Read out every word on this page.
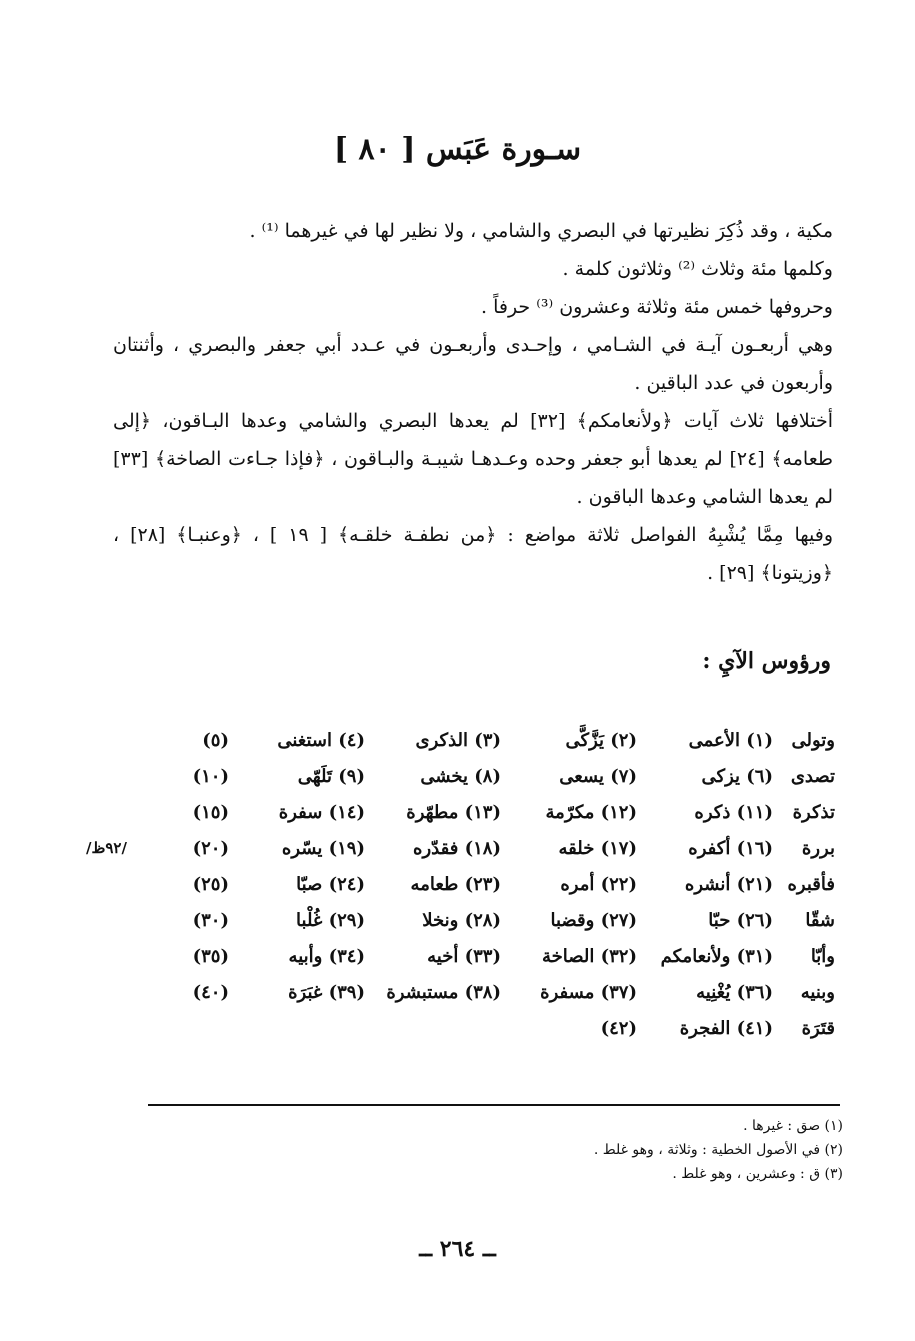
سـورة عَبَس [ ٨٠ ]

مكية ، وقد ذُكِرَ نظيرتها في البصري والشامي ، ولا نظير لها في غيرهما ⁽¹⁾ .

وكلمها مئة وثلاث ⁽²⁾ وثلاثون كلمة .

وحروفها خمس مئة وثلاثة وعشرون ⁽³⁾ حرفاً .

وهي أربعـون آيـة في الشـامي ، وإحـدى وأربعـون في عـدد أبي جعفر والبصري ، وأثنتان وأربعون في عدد الباقين .

أختلافها ثلاث آيات ﴿ولأنعامكم﴾ [٣٢] لم يعدها البصري والشامي وعدها البـاقون، ﴿إلى طعامه﴾ [٢٤] لم يعدها أبو جعفر وحده وعـدهـا شيبـة والبـاقون ، ﴿فإذا جـاءت الصاخة﴾ [٣٣] لم يعدها الشامي وعدها الباقون .

وفيها مِمَّا يُشْبِهُ الفواصل ثلاثة مواضع : ﴿من نطفـة خلقـه﴾ [ ١٩ ] ، ﴿وعنبـا﴾ [٢٨] ، ﴿وزيتونا﴾ [٢٩] .

ورؤوس الآيِ :
وتولى
(١) الأعمى
(٢) يَزَّكَّى
(٣) الذكرى
(٤) استغنى
(٥)
تصدى
(٦) يزكى
(٧) يسعى
(٨) يخشى
(٩) تَلَهّى
(١٠)
تذكرة
(١١) ذكره
(١٢) مكرّمة
(١٣) مطهّرة
(١٤) سفرة
(١٥)
بررة
(١٦) أكفره
(١٧) خلقه
(١٨) فقدّره
(١٩) يسّره
(٢٠)
فأقبره
(٢١) أنشره
(٢٢) أمره
(٢٣) طعامه
(٢٤) صبّا
(٢٥)
شقّا
(٢٦) حبّا
(٢٧) وقضبا
(٢٨) ونخلا
(٢٩) غُلْبا
(٣٠)
وأبّا
(٣١) ولأنعامكم
(٣٢) الصاخة
(٣٣) أخيه
(٣٤) وأبيه
(٣٥)
وبنيه
(٣٦) يُغْنِيه
(٣٧) مسفرة
(٣٨) مستبشرة
(٣٩) غبَرَة
(٤٠)
قتَرَة
(٤١) الفجرة
(٤٢)
/٩٢ظ/
(١) صق : غيرها .
(٢) في الأصول الخطية : وثلاثة ، وهو غلط .
(٣) ق : وعشرين ، وهو غلط .
ــ ٢٦٤ ــ
